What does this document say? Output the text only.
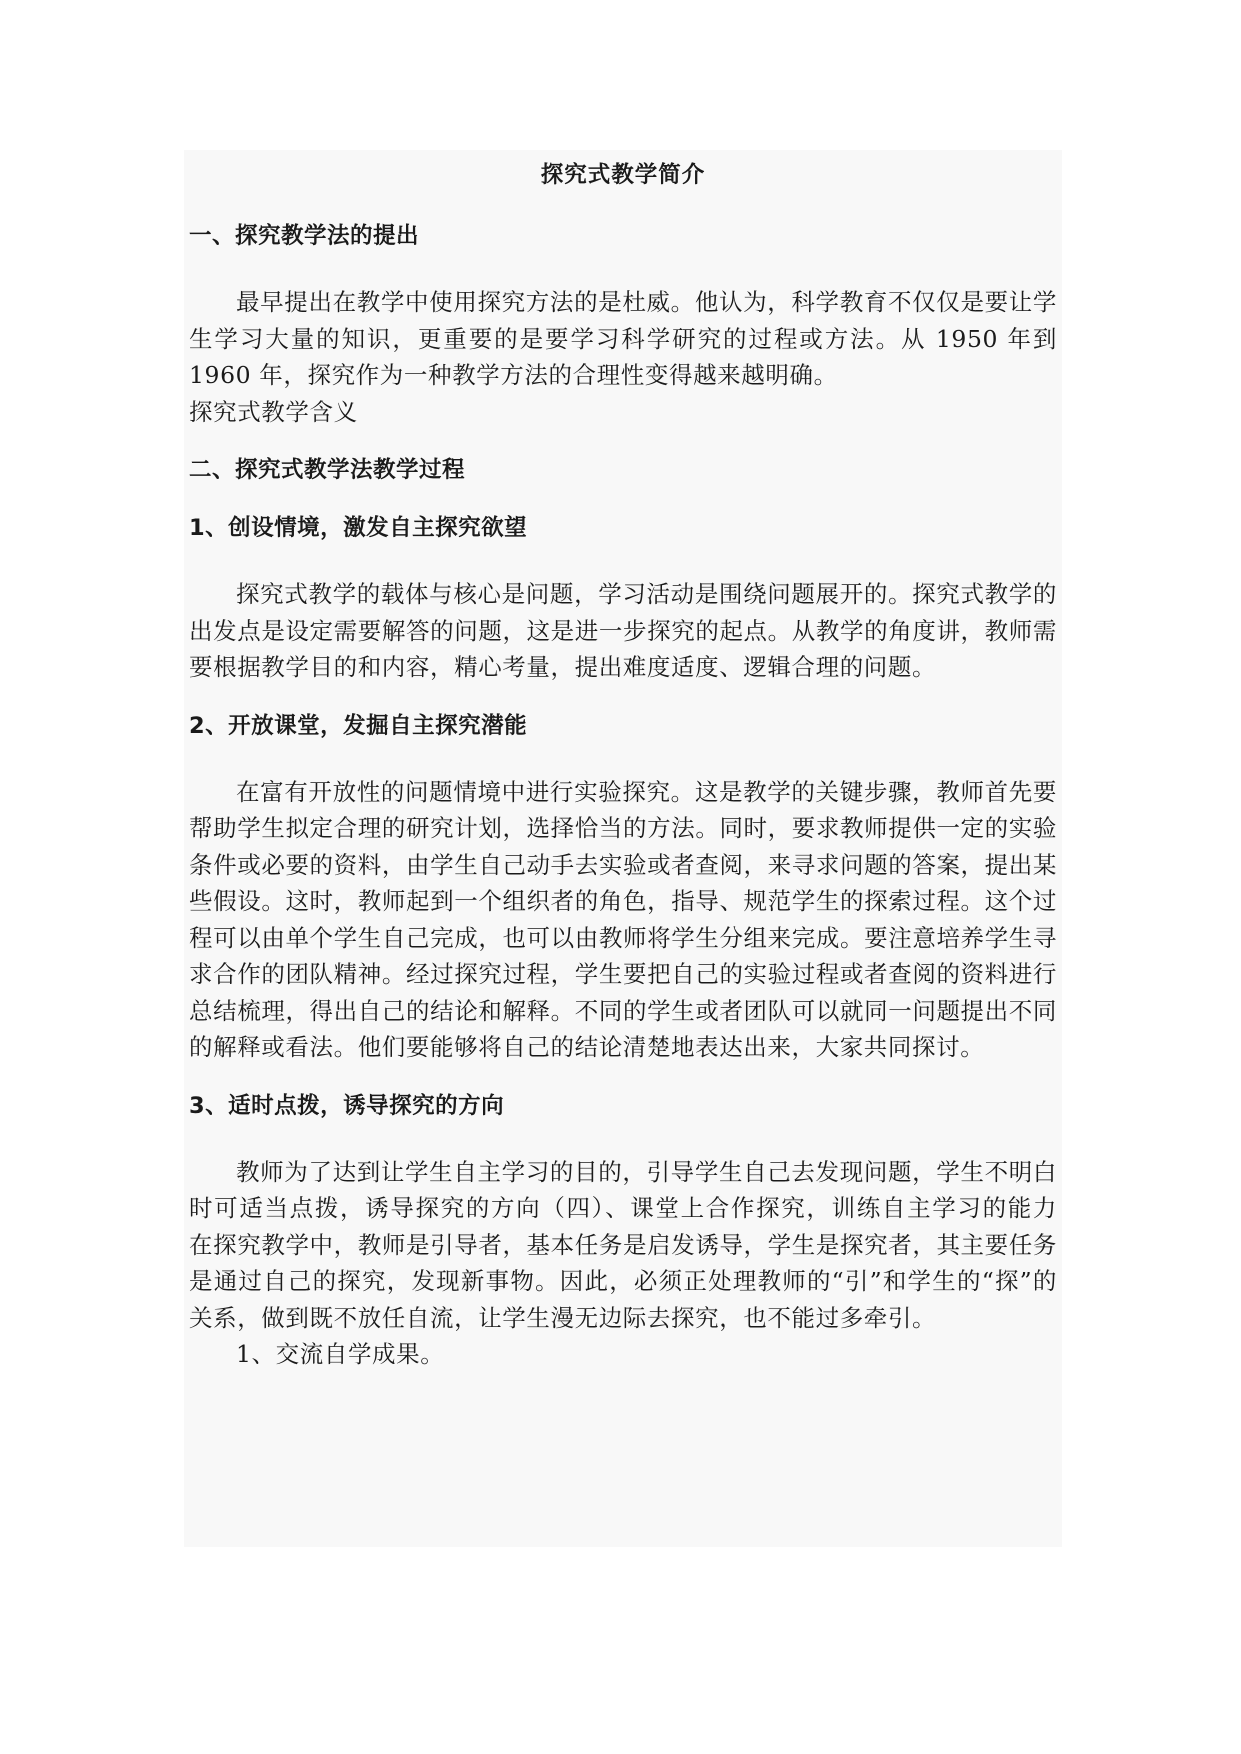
探究式教学简介
一、探究教学法的提出

最早提出在教学中使用探究方法的是杜威。他认为，科学教育不仅仅是要让学生学习大量的知识，更重要的是要学习科学研究的过程或方法。从 1950 年到 1960 年，探究作为一种教学方法的合理性变得越来越明确。

探究式教学含义

二、探究式教学法教学过程
1、创设情境，激发自主探究欲望

探究式教学的载体与核心是问题，学习活动是围绕问题展开的。探究式教学的出发点是设定需要解答的问题，这是进一步探究的起点。从教学的角度讲，教师需要根据教学目的和内容，精心考量，提出难度适度、逻辑合理的问题。

2、开放课堂，发掘自主探究潜能

在富有开放性的问题情境中进行实验探究。这是教学的关键步骤，教师首先要帮助学生拟定合理的研究计划，选择恰当的方法。同时，要求教师提供一定的实验条件或必要的资料，由学生自己动手去实验或者查阅，来寻求问题的答案，提出某些假设。这时，教师起到一个组织者的角色，指导、规范学生的探索过程。这个过程可以由单个学生自己完成，也可以由教师将学生分组来完成。要注意培养学生寻求合作的团队精神。经过探究过程，学生要把自己的实验过程或者查阅的资料进行总结梳理，得出自己的结论和解释。不同的学生或者团队可以就同一问题提出不同的解释或看法。他们要能够将自己的结论清楚地表达出来，大家共同探讨。

3、适时点拨，诱导探究的方向

教师为了达到让学生自主学习的目的，引导学生自己去发现问题，学生不明白时可适当点拨，诱导探究的方向（四）、课堂上合作探究，训练自主学习的能力　在探究教学中，教师是引导者，基本任务是启发诱导，学生是探究者，其主要任务是通过自己的探究，发现新事物。因此，必须正处理教师的“引”和学生的“探”的关系，做到既不放任自流，让学生漫无边际去探究，也不能过多牵引。

1、交流自学成果。
